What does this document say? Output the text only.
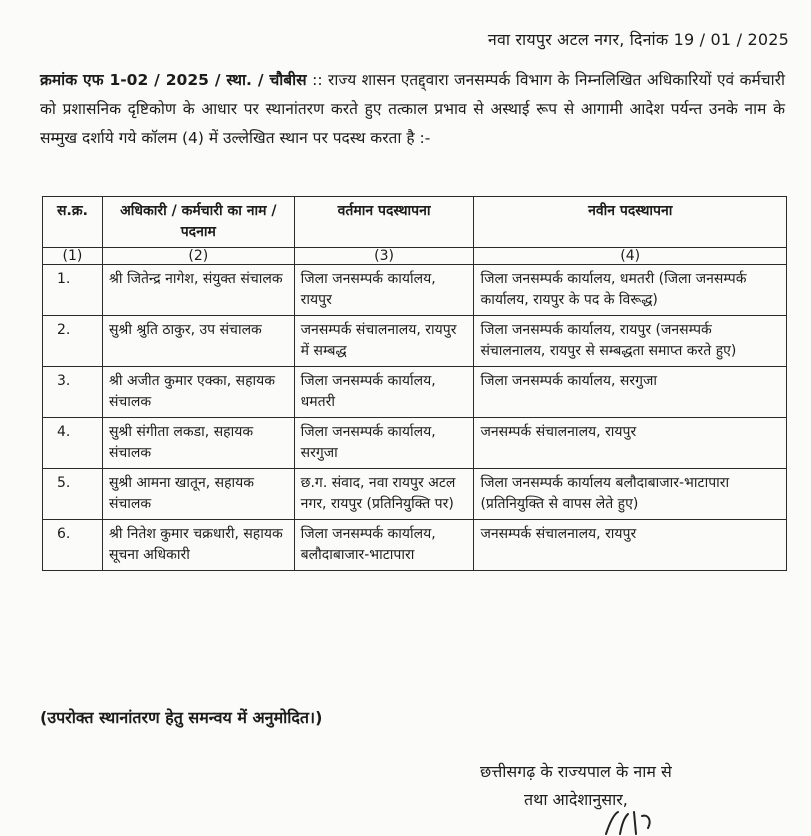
नवा रायपुर अटल नगर, दिनांक 19 / 01 / 2025
क्रमांक एफ 1-02 / 2025 / स्था. / चौबीस :: राज्य शासन एतद्द्वारा जनसम्पर्क विभाग के निम्नलिखित अधिकारियों एवं कर्मचारी को प्रशासनिक दृष्टिकोण के आधार पर स्थानांतरण करते हुए तत्काल प्रभाव से अस्थाई रूप से आगामी आदेश पर्यन्त उनके नाम के सम्मुख दर्शाये गये कॉलम (4) में उल्लेखित स्थान पर पदस्थ करता है :-
स.क्र.	अधिकारी / कर्मचारी का नाम / पदनाम	वर्तमान पदस्थापना	नवीन पदस्थापना
(1)	(2)	(3)	(4)
1.	श्री जितेन्द्र नागेश, संयुक्त संचालक	जिला जनसम्पर्क कार्यालय, रायपुर	जिला जनसम्पर्क कार्यालय, धमतरी (जिला जनसम्पर्क कार्यालय, रायपुर के पद के विरूद्ध)
2.	सुश्री श्रुति ठाकुर, उप संचालक	जनसम्पर्क संचालनालय, रायपुर में सम्बद्ध	जिला जनसम्पर्क कार्यालय, रायपुर (जनसम्पर्क संचालनालय, रायपुर से सम्बद्धता समाप्त करते हुए)
3.	श्री अजीत कुमार एक्का, सहायक संचालक	जिला जनसम्पर्क कार्यालय, धमतरी	जिला जनसम्पर्क कार्यालय, सरगुजा
4.	सुश्री संगीता लकडा, सहायक संचालक	जिला जनसम्पर्क कार्यालय, सरगुजा	जनसम्पर्क संचालनालय, रायपुर
5.	सुश्री आमना खातून, सहायक संचालक	छ.ग. संवाद, नवा रायपुर अटल नगर, रायपुर (प्रतिनियुक्ति पर)	जिला जनसम्पर्क कार्यालय बलौदाबाजार-भाटापारा (प्रतिनियुक्ति से वापस लेते हुए)
6.	श्री नितेश कुमार चक्रधारी, सहायक सूचना अधिकारी	जिला जनसम्पर्क कार्यालय, बलौदाबाजार-भाटापारा	जनसम्पर्क संचालनालय, रायपुर
(उपरोक्त स्थानांतरण हेतु समन्वय में अनुमोदित।)
छत्तीसगढ़ के राज्यपाल के नाम से
तथा आदेशानुसार,
